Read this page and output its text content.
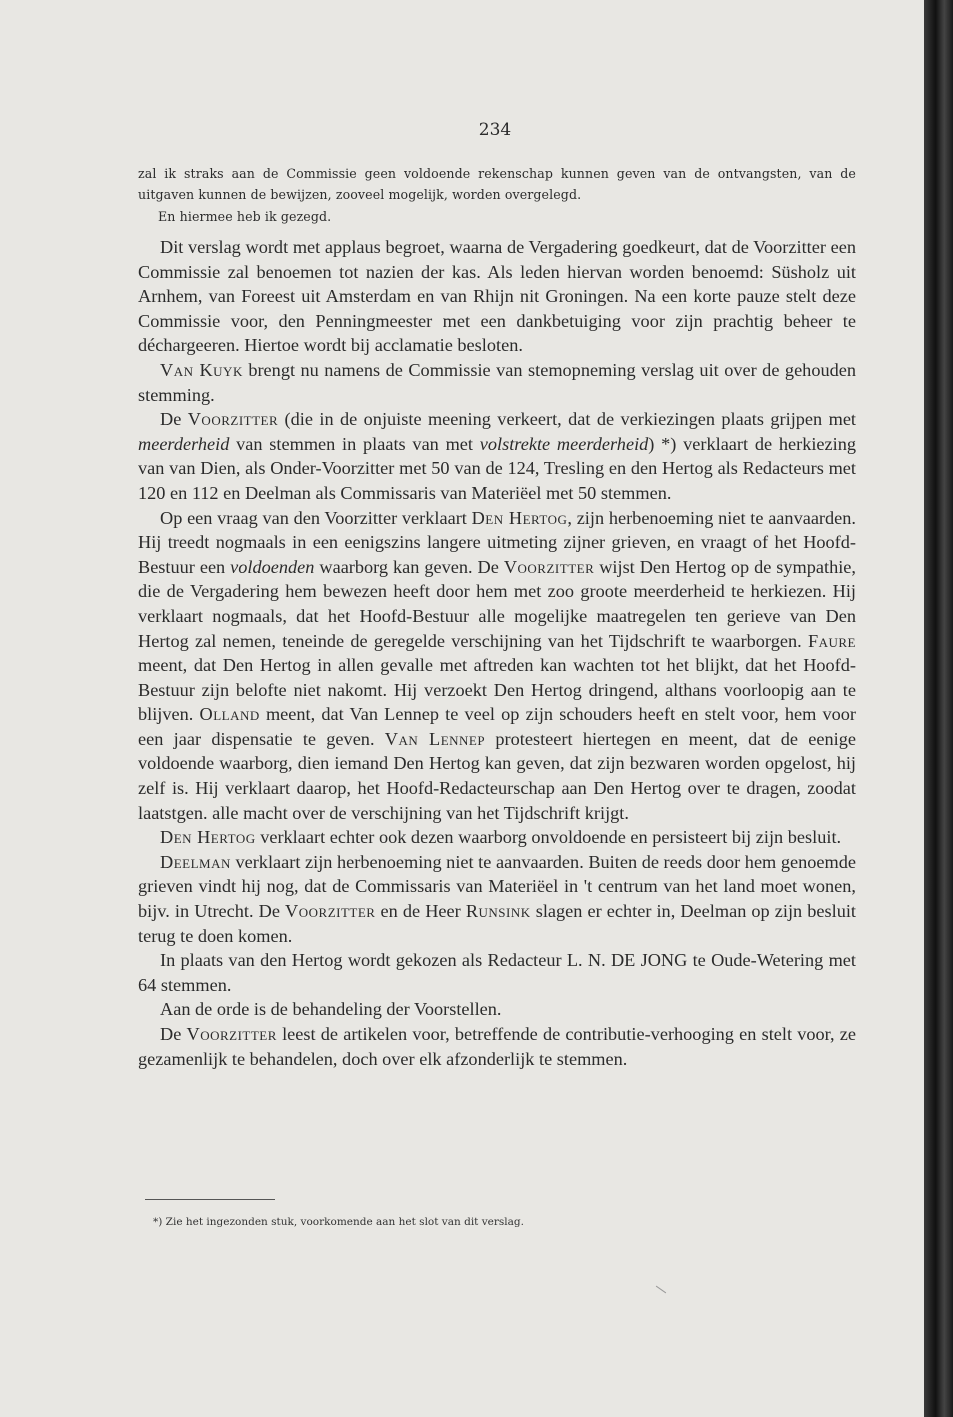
234

zal ik straks aan de Commissie geen voldoende rekenschap kunnen geven van de ontvangsten, van de uitgaven kunnen de bewijzen, zooveel mogelijk, worden overgelegd.

En hiermee heb ik gezegd.

Dit verslag wordt met applaus begroet, waarna de Vergadering goedkeurt, dat de Voorzitter een Commissie zal benoemen tot nazien der kas. Als leden hiervan worden benoemd: Süsholz uit Arnhem, van Foreest uit Amsterdam en van Rhijn nit Groningen. Na een korte pauze stelt deze Commissie voor, den Penningmeester met een dankbetuiging voor zijn prachtig beheer te déchargeeren. Hiertoe wordt bij acclamatie besloten.

Van Kuyk brengt nu namens de Commissie van stemopneming verslag uit over de gehouden stemming.

De Voorzitter (die in de onjuiste meening verkeert, dat de verkiezingen plaats grijpen met meerderheid van stemmen in plaats van met volstrekte meerderheid) *) verklaart de herkiezing van van Dien, als Onder-Voorzitter met 50 van de 124, Tresling en den Hertog als Redacteurs met 120 en 112 en Deelman als Commissaris van Materiëel met 50 stemmen.

Op een vraag van den Voorzitter verklaart Den Hertog, zijn herbenoeming niet te aanvaarden. Hij treedt nogmaals in een eenigszins langere uitmeting zijner grieven, en vraagt of het Hoofd-Bestuur een voldoenden waarborg kan geven. De Voorzitter wijst Den Hertog op de sympathie, die de Vergadering hem bewezen heeft door hem met zoo groote meerderheid te herkiezen. Hij verklaart nogmaals, dat het Hoofd-Bestuur alle mogelijke maatregelen ten gerieve van Den Hertog zal nemen, teneinde de geregelde verschijning van het Tijdschrift te waarborgen. Faure meent, dat Den Hertog in allen gevalle met aftreden kan wachten tot het blijkt, dat het Hoofd-Bestuur zijn belofte niet nakomt. Hij verzoekt Den Hertog dringend, althans voorloopig aan te blijven. Olland meent, dat Van Lennep te veel op zijn schouders heeft en stelt voor, hem voor een jaar dispensatie te geven. Van Lennep protesteert hiertegen en meent, dat de eenige voldoende waarborg, dien iemand Den Hertog kan geven, dat zijn bezwaren worden opgelost, hij zelf is. Hij verklaart daarop, het Hoofd-Redacteurschap aan Den Hertog over te dragen, zoodat laatstgen. alle macht over de verschijning van het Tijdschrift krijgt.

Den Hertog verklaart echter ook dezen waarborg onvoldoende en persisteert bij zijn besluit.

Deelman verklaart zijn herbenoeming niet te aanvaarden. Buiten de reeds door hem genoemde grieven vindt hij nog, dat de Commissaris van Materiëel in 't centrum van het land moet wonen, bijv. in Utrecht. De Voorzitter en de Heer Runsink slagen er echter in, Deelman op zijn besluit terug te doen komen.

In plaats van den Hertog wordt gekozen als Redacteur L. N. DE JONG te Oude-Wetering met 64 stemmen.

Aan de orde is de behandeling der Voorstellen.

De Voorzitter leest de artikelen voor, betreffende de contributie-verhooging en stelt voor, ze gezamenlijk te behandelen, doch over elk afzonderlijk te stemmen.

*) Zie het ingezonden stuk, voorkomende aan het slot van dit verslag.
